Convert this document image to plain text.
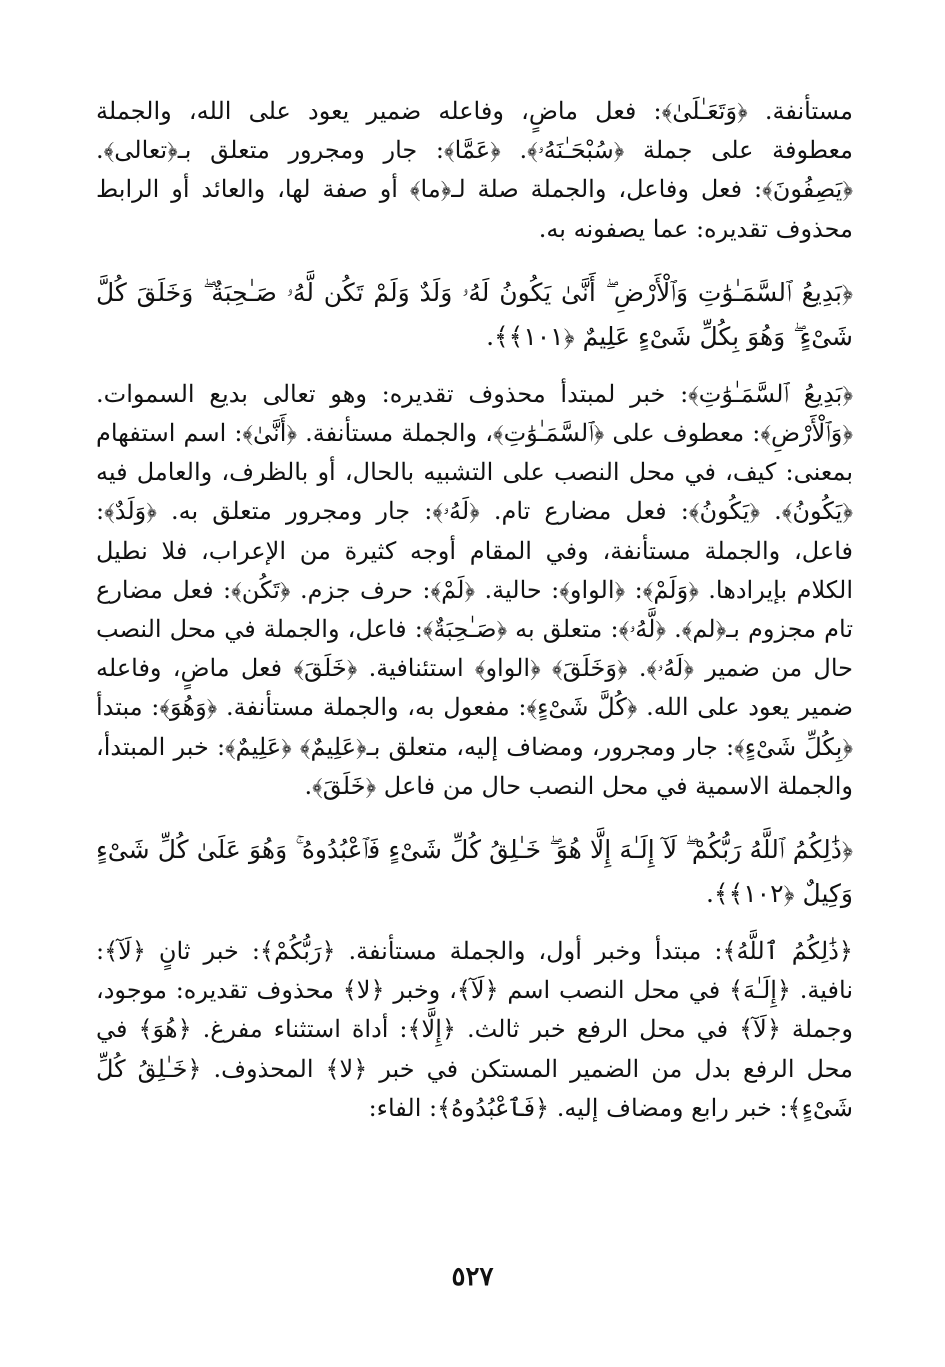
مستأنفة. ﴿وَتَعَـٰلَىٰ﴾: فعل ماضٍ، وفاعله ضمير يعود على الله، والجملة معطوفة على جملة ﴿سُبْحَـٰنَهُۥ﴾. ﴿عَمَّا﴾: جار ومجرور متعلق بـ﴿تعالى﴾. ﴿يَصِفُونَ﴾: فعل وفاعل، والجملة صلة لـ﴿ما﴾ أو صفة لها، والعائد أو الرابط محذوف تقديره: عما يصفونه به.

﴿بَدِيعُ ٱلسَّمَـٰوَٰتِ وَٱلْأَرْضِ ۖ أَنَّىٰ يَكُونُ لَهُۥ وَلَدٌ وَلَمْ تَكُن لَّهُۥ صَـٰحِبَةٌ ۖ وَخَلَقَ كُلَّ شَىْءٍ ۖ وَهُوَ بِكُلِّ شَىْءٍ عَلِيمٌ ﴿١٠١﴾﴾.

﴿بَدِيعُ ٱلسَّمَـٰوَٰتِ﴾: خبر لمبتدأ محذوف تقديره: وهو تعالى بديع السموات. ﴿وَٱلْأَرْضِ﴾: معطوف على ﴿ٱلسَّمَـٰوَٰتِ﴾، والجملة مستأنفة. ﴿أَنَّىٰ﴾: اسم استفهام بمعنى: كيف، في محل النصب على التشبيه بالحال، أو بالظرف، والعامل فيه ﴿يَكُونُ﴾. ﴿يَكُونُ﴾: فعل مضارع تام. ﴿لَهُۥ﴾: جار ومجرور متعلق به. ﴿وَلَدٌ﴾: فاعل، والجملة مستأنفة، وفي المقام أوجه كثيرة من الإعراب، فلا نطيل الكلام بإيرادها. ﴿وَلَمْ﴾: ﴿الواو﴾: حالية. ﴿لَمْ﴾: حرف جزم. ﴿تَكُن﴾: فعل مضارع تام مجزوم بـ﴿لم﴾. ﴿لَّهُۥ﴾: متعلق به ﴿صَـٰحِبَةٌ﴾: فاعل، والجملة في محل النصب حال من ضمير ﴿لَهُۥ﴾. ﴿وَخَلَقَ﴾ ﴿الواو﴾ استئنافية. ﴿خَلَقَ﴾ فعل ماضٍ، وفاعله ضمير يعود على الله. ﴿كُلَّ شَىْءٍ﴾: مفعول به، والجملة مستأنفة. ﴿وَهُوَ﴾: مبتدأ ﴿بِكُلِّ شَىْءٍ﴾: جار ومجرور، ومضاف إليه، متعلق بـ﴿عَلِيمٌ﴾ ﴿عَلِيمٌ﴾: خبر المبتدأ، والجملة الاسمية في محل النصب حال من فاعل ﴿خَلَقَ﴾.

﴿ذَٰلِكُمُ ٱللَّهُ رَبُّكُمْ ۖ لَآ إِلَـٰهَ إِلَّا هُوَ ۖ خَـٰلِقُ كُلِّ شَىْءٍ فَٱعْبُدُوهُ ۚ وَهُوَ عَلَىٰ كُلِّ شَىْءٍ وَكِيلٌ ﴿١٠٢﴾﴾.

﴿ذَٰلِكُمُ ٱللَّهُ﴾: مبتدأ وخبر أول، والجملة مستأنفة. ﴿رَبُّكُمْ﴾: خبر ثانٍ ﴿لَآ﴾: نافية. ﴿إِلَـٰهَ﴾ في محل النصب اسم ﴿لَآ﴾، وخبر ﴿لا﴾ محذوف تقديره: موجود، وجملة ﴿لَآ﴾ في محل الرفع خبر ثالث. ﴿إِلَّا﴾: أداة استثناء مفرغ. ﴿هُوَ﴾ في محل الرفع بدل من الضمير المستكن في خبر ﴿لا﴾ المحذوف. ﴿خَـٰلِقُ كُلِّ شَىْءٍ﴾: خبر رابع ومضاف إليه. ﴿فَٱعْبُدُوهُ﴾: الفاء:

٥٢٧
